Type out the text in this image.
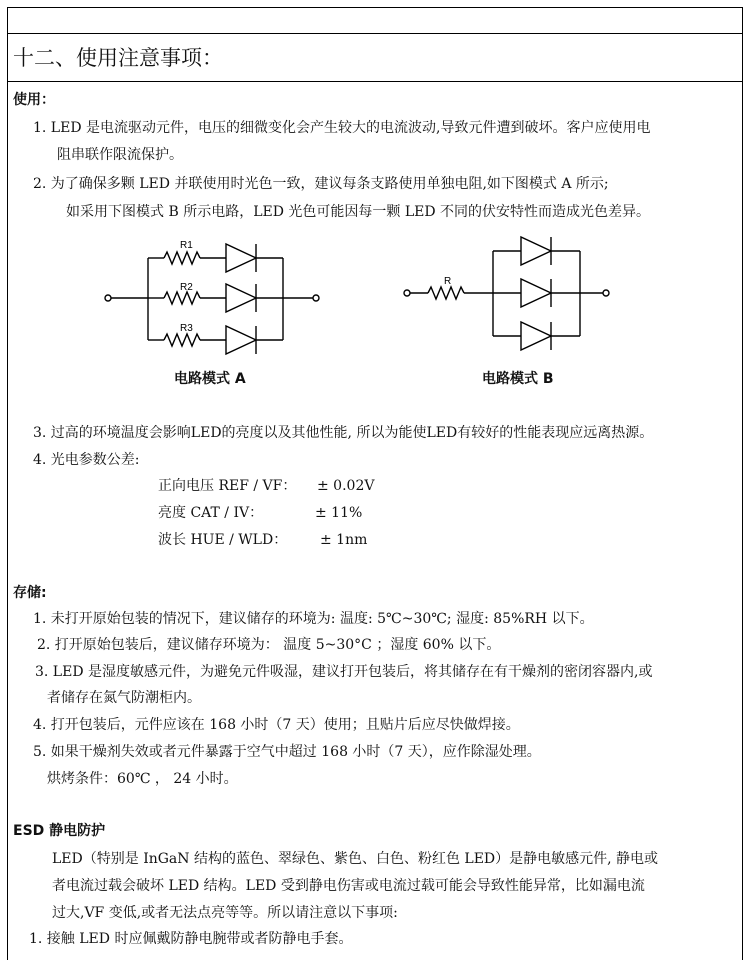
十二、使用注意事项：
使用：
1. LED 是电流驱动元件，电压的细微变化会产生较大的电流波动,导致元件遭到破坏。客户应使用电
阻串联作限流保护。
2. 为了确保多颗 LED 并联使用时光色一致，建议每条支路使用单独电阻,如下图模式 A 所示;
如采用下图模式 B 所示电路，LED 光色可能因每一颗 LED 不同的伏安特性而造成光色差异。
R1
R2
R3
R
电路模式 A	电路模式 B
3. 过高的环境温度会影响LED的亮度以及其他性能, 所以为能使LED有较好的性能表现应远离热源。
4. 光电参数公差:
正向电压 REF / VF： ± 0.02V
亮度 CAT / IV：	± 11%
波长 HUE / WLD： ± 1nm
存储:
1. 未打开原始包装的情况下，建议储存的环境为: 温度: 5℃~30℃; 湿度: 85%RH 以下。
2. 打开原始包装后，建议储存环境为： 温度 5~30°C ；湿度 60% 以下。
3. LED 是湿度敏感元件，为避免元件吸湿，建议打开包装后，将其储存在有干燥剂的密闭容器内,或
者储存在氮气防潮柜内。
4. 打开包装后，元件应该在 168 小时（7 天）使用；且贴片后应尽快做焊接。
5. 如果干燥剂失效或者元件暴露于空气中超过 168 小时（7 天），应作除湿处理。
烘烤条件：60℃ ， 24 小时。
ESD 静电防护
LED（特别是 InGaN 结构的蓝色、翠绿色、紫色、白色、粉红色 LED）是静电敏感元件, 静电或
者电流过载会破坏 LED 结构。LED 受到静电伤害或电流过载可能会导致性能异常，比如漏电流
过大,VF 变低,或者无法点亮等等。所以请注意以下事项:
1. 接触 LED 时应佩戴防静电腕带或者防静电手套。
